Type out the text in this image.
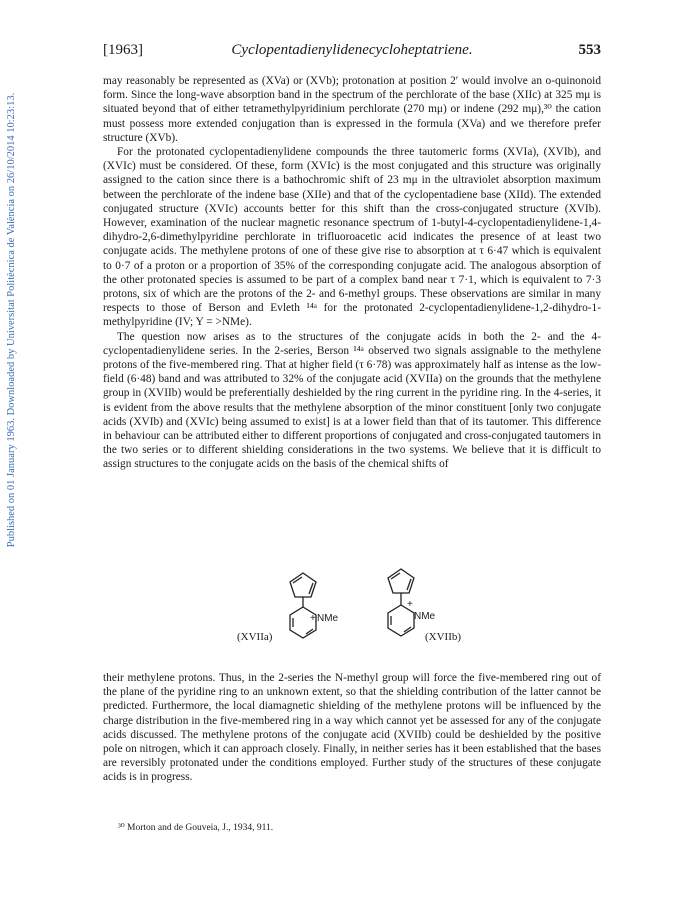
Published on 01 January 1963. Downloaded by Universitat Politècnica de València on 26/10/2014 10:23:13.
[1963]	Cyclopentadienylidenecycloheptatriene.	553

may reasonably be represented as (XVa) or (XVb); protonation at position 2′ would involve an o-quinonoid form. Since the long-wave absorption band in the spectrum of the perchlorate of the base (XIIc) at 325 mμ is situated beyond that of either tetramethylpyridinium perchlorate (270 mμ) or indene (292 mμ),³⁰ the cation must possess more extended conjugation than is expressed in the formula (XVa) and we therefore prefer structure (XVb).

For the protonated cyclopentadienylidene compounds the three tautomeric forms (XVIa), (XVIb), and (XVIc) must be considered. Of these, form (XVIc) is the most conjugated and this structure was originally assigned to the cation since there is a bathochromic shift of 23 mμ in the ultraviolet absorption maximum between the perchlorate of the indene base (XIIe) and that of the cyclopentadiene base (XIId). The extended conjugated structure (XVIc) accounts better for this shift than the cross-conjugated structure (XVIb). However, examination of the nuclear magnetic resonance spectrum of 1-butyl-4-cyclopentadienylidene-1,4-dihydro-2,6-dimethylpyridine perchlorate in trifluoroacetic acid indicates the presence of at least two conjugate acids. The methylene protons of one of these give rise to absorption at τ 6·47 which is equivalent to 0·7 of a proton or a proportion of 35% of the corresponding conjugate acid. The analogous absorption of the other protonated species is assumed to be part of a complex band near τ 7·1, which is equivalent to 7·3 protons, six of which are the protons of the 2- and 6-methyl groups. These observations are similar in many respects to those of Berson and Evleth ¹⁴ᵃ for the protonated 2-cyclopentadienylidene-1,2-dihydro-1-methylpyridine (IV; Y = >NMe).

The question now arises as to the structures of the conjugate acids in both the 2- and the 4-cyclopentadienylidene series. In the 2-series, Berson ¹⁴ᵃ observed two signals assignable to the methylene protons of the five-membered ring. That at higher field (τ 6·78) was approximately half as intense as the low-field (6·48) band and was attributed to 32% of the conjugate acid (XVIIa) on the grounds that the methylene group in (XVIIb) would be preferentially deshielded by the ring current in the pyridine ring. In the 4-series, it is evident from the above results that the methylene absorption of the minor constituent [only two conjugate acids (XVIb) and (XVIc) being assumed to exist] is at a lower field than that of its tautomer. This difference in behaviour can be attributed either to different proportions of conjugated and cross-conjugated tautomers in the two series or to different shielding considerations in the two systems. We believe that it is difficult to assign structures to the conjugate acids on the basis of the chemical shifts of

NMe
+
+
NMe
(XVIIa)	(XVIIb)

their methylene protons. Thus, in the 2-series the N-methyl group will force the five-membered ring out of the plane of the pyridine ring to an unknown extent, so that the shielding contribution of the latter cannot be predicted. Furthermore, the local diamagnetic shielding of the methylene protons will be influenced by the charge distribution in the five-membered ring in a way which cannot yet be assessed for any of the conjugate acids discussed. The methylene protons of the conjugate acid (XVIIb) could be deshielded by the positive pole on nitrogen, which it can approach closely. Finally, in neither series has it been established that the bases are reversibly protonated under the conditions employed. Further study of the structures of these conjugate acids is in progress.

³⁰ Morton and de Gouveia, J., 1934, 911.
